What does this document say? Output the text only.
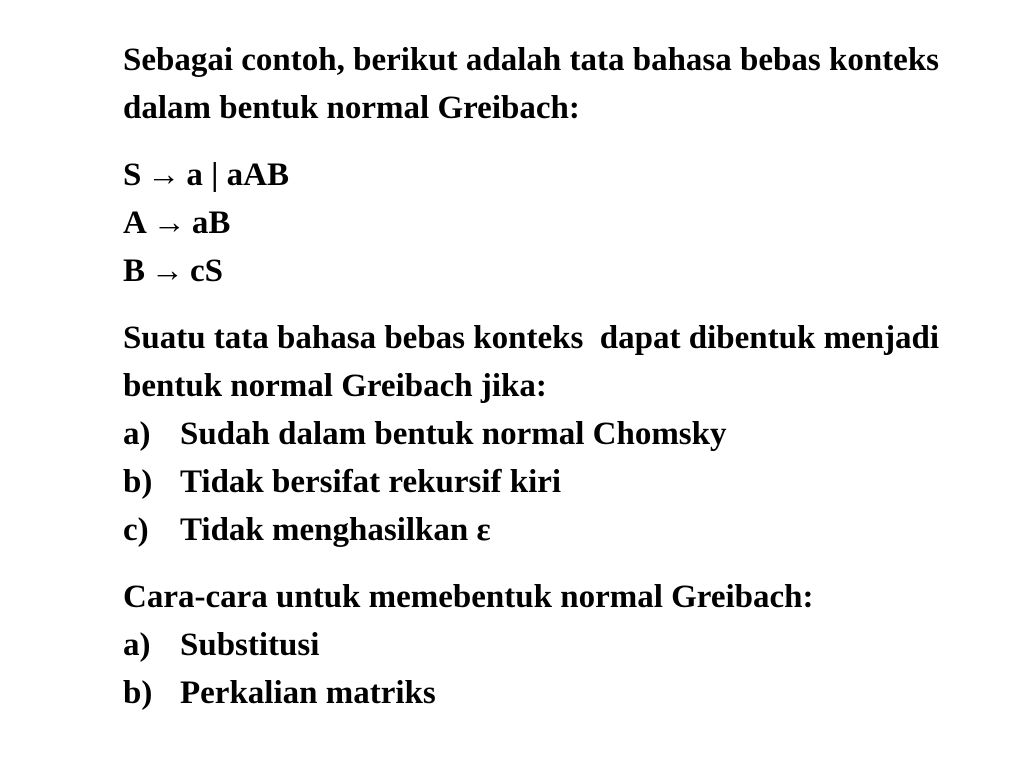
Sebagai contoh, berikut adalah tata bahasa bebas konteks dalam bentuk normal Greibach:

S → a | aAB
A → aB
B → cS

Suatu tata bahasa bebas konteks  dapat dibentuk menjadi bentuk normal Greibach jika:

a) Sudah dalam bentuk normal Chomsky
b) Tidak bersifat rekursif kiri
c) Tidak menghasilkan ε

Cara-cara untuk memebentuk normal Greibach:

a) Substitusi
b) Perkalian matriks
